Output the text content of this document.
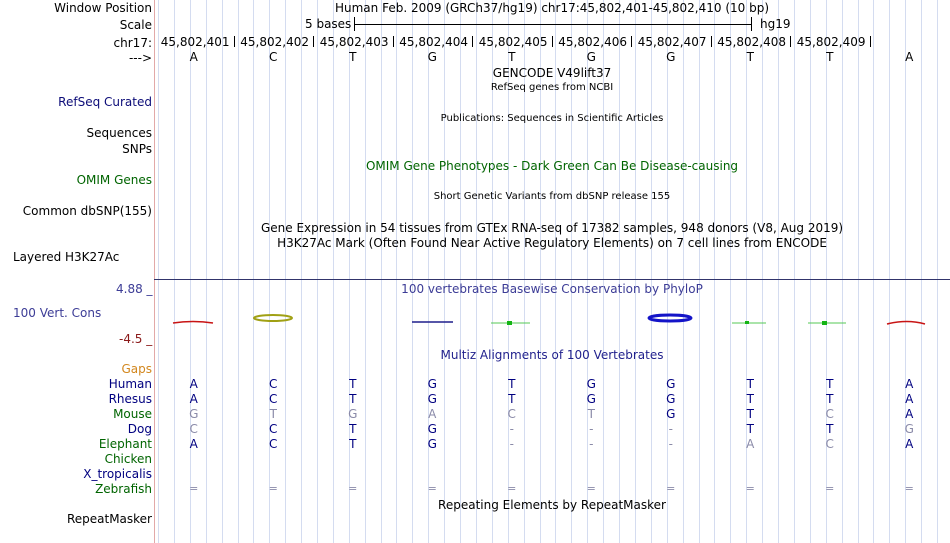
Window Position	Human Feb. 2009 (GRCh37/hg19) chr17:45,802,401-45,802,410 (10 bp)
Scale	5 bases	hg19
chr17: 45,802,401 45,802,402 45,802,403 45,802,404 45,802,405 45,802,406 45,802,407 45,802,408 45,802,409
--->	A	C	T	G	T	G	G	T	T	A
GENCODE V49lift37
RefSeq genes from NCBI
RefSeq Curated
Publications: Sequences in Scientific Articles
Sequences
SNPs
OMIM Gene Phenotypes - Dark Green Can Be Disease-causing
OMIM Genes
Short Genetic Variants from dbSNP release 155
Common dbSNP(155)
Gene Expression in 54 tissues from GTEx RNA-seq of 17382 samples, 948 donors (V8, Aug 2019)
H3K27Ac Mark (Often Found Near Active Regulatory Elements) on 7 cell lines from ENCODE
Layered H3K27Ac
4.88 _	100 vertebrates Basewise Conservation by PhyloP
100 Vert. Cons
-4.5 _
Multiz Alignments of 100 Vertebrates
Gaps
Human	A	C	T	G	T	G	G	T	T	A
Rhesus	A	C	T	G	T	G	G	T	T	A
Mouse	G	T	G	A	C	T	G	T	C	A
Dog	C	C	T	G	-	-	-	T	T	G
Elephant	A	C	T	G	-	-	-	A	C	A
Chicken
X_tropicalis
Zebrafish	=	=	=	=	=	=	=	=	=	=
Repeating Elements by RepeatMasker
RepeatMasker
